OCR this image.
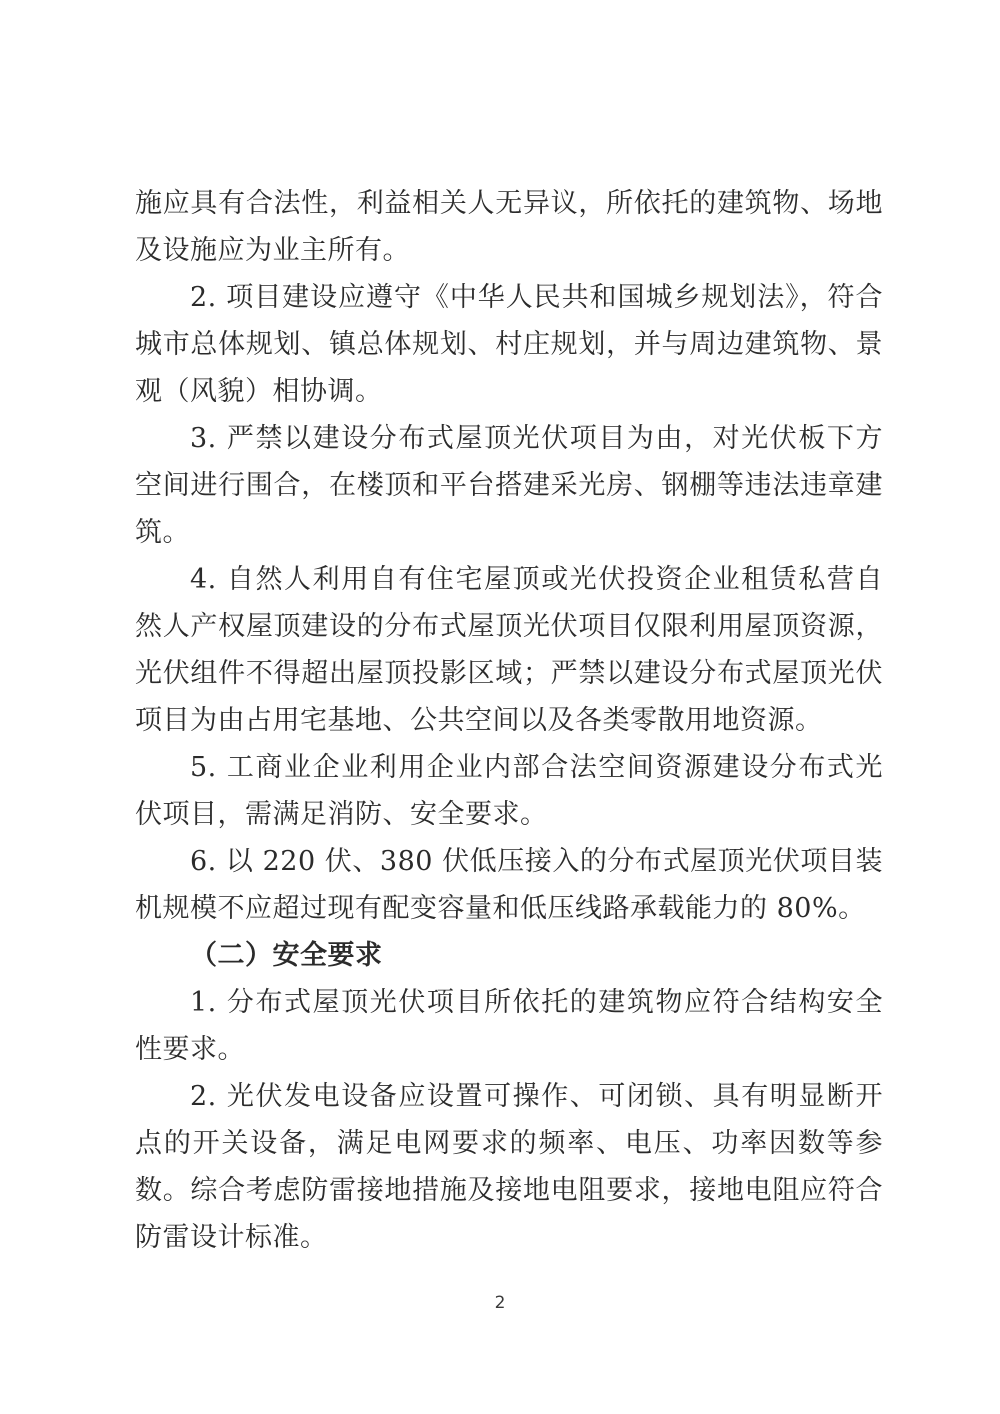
施应具有合法性，利益相关人无异议，所依托的建筑物、场地及设施应为业主所有。

2. 项目建设应遵守《中华人民共和国城乡规划法》，符合城市总体规划、镇总体规划、村庄规划，并与周边建筑物、景观（风貌）相协调。

3. 严禁以建设分布式屋顶光伏项目为由，对光伏板下方空间进行围合，在楼顶和平台搭建采光房、钢棚等违法违章建筑。

4. 自然人利用自有住宅屋顶或光伏投资企业租赁私营自然人产权屋顶建设的分布式屋顶光伏项目仅限利用屋顶资源，光伏组件不得超出屋顶投影区域；严禁以建设分布式屋顶光伏项目为由占用宅基地、公共空间以及各类零散用地资源。

5. 工商业企业利用企业内部合法空间资源建设分布式光伏项目，需满足消防、安全要求。

6. 以 220 伏、380 伏低压接入的分布式屋顶光伏项目装机规模不应超过现有配变容量和低压线路承载能力的 80%。

（二）安全要求

1. 分布式屋顶光伏项目所依托的建筑物应符合结构安全性要求。

2. 光伏发电设备应设置可操作、可闭锁、具有明显断开点的开关设备，满足电网要求的频率、电压、功率因数等参数。综合考虑防雷接地措施及接地电阻要求，接地电阻应符合防雷设计标准。

2
